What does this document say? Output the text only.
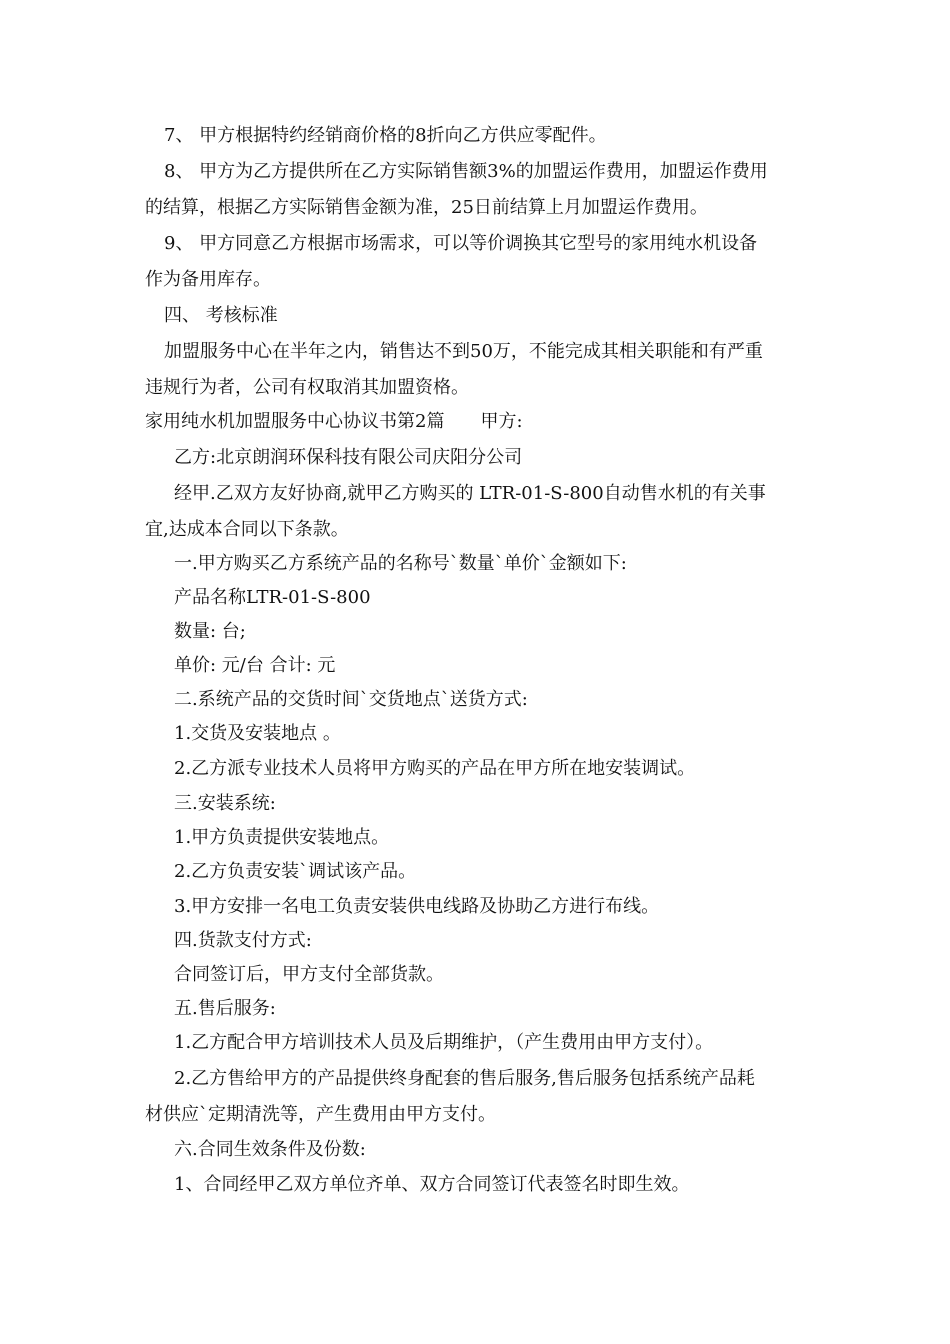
7、 甲方根据特约经销商价格的8折向乙方供应零配件。
8、 甲方为乙方提供所在乙方实际销售额3%的加盟运作费用，加盟运作费用
的结算，根据乙方实际销售金额为准，25日前结算上月加盟运作费用。
9、 甲方同意乙方根据市场需求，可以等价调换其它型号的家用纯水机设备
作为备用库存。
四、 考核标准
加盟服务中心在半年之内，销售达不到50万，不能完成其相关职能和有严重
违规行为者，公司有权取消其加盟资格。
家用纯水机加盟服务中心协议书第2篇　　甲方:
乙方:北京朗润环保科技有限公司庆阳分公司
经甲.乙双方友好协商,就甲乙方购买的 LTR-01-S-800自动售水机的有关事
宜,达成本合同以下条款。
一.甲方购买乙方系统产品的名称号`数量`单价`金额如下:
产品名称LTR-01-S-800
数量: 台;
单价: 元/台 合计: 元
二.系统产品的交货时间`交货地点`送货方式:
1.交货及安装地点 。
2.乙方派专业技术人员将甲方购买的产品在甲方所在地安装调试。
三.安装系统:
1.甲方负责提供安装地点。
2.乙方负责安装`调试该产品。
3.甲方安排一名电工负责安装供电线路及协助乙方进行布线。
四.货款支付方式:
合同签订后，甲方支付全部货款。
五.售后服务:
1.乙方配合甲方培训技术人员及后期维护，（产生费用由甲方支付）。
2.乙方售给甲方的产品提供终身配套的售后服务,售后服务包括系统产品耗
材供应`定期清洗等，产生费用由甲方支付。
六.合同生效条件及份数:
1、合同经甲乙双方单位齐单、双方合同签订代表签名时即生效。
